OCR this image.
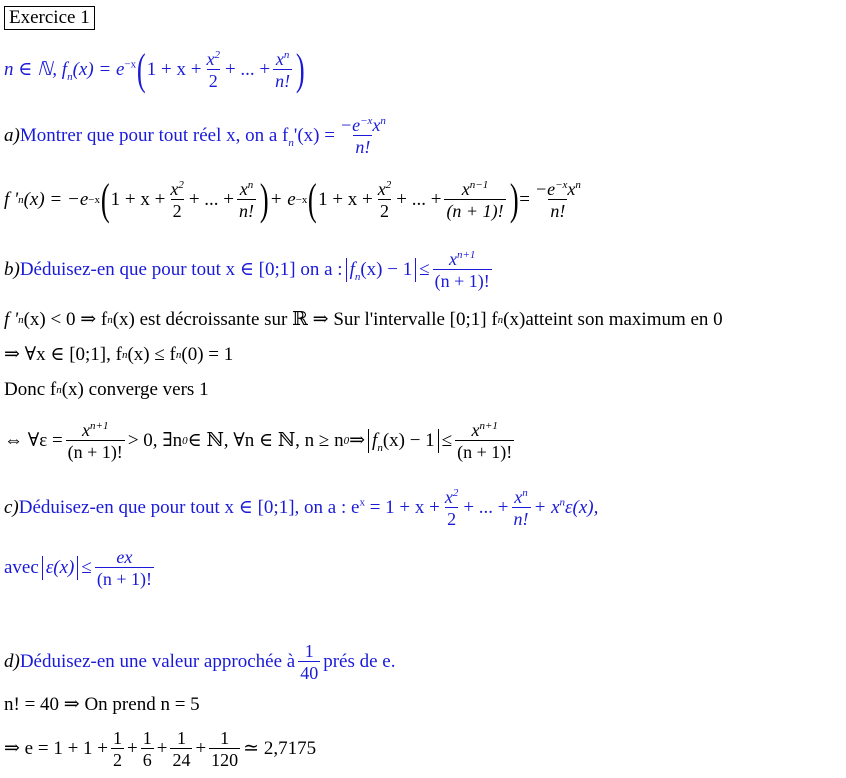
Exercice 1
n ∈ ℕ, $f_n(x) = e^{-x}$ ( $1 + x + \frac{x^2}{2}$ + ... + $\frac{x^n}{n!}$ )
a) Montrer que pour tout réel x, on a $f_n'(x)$ =
$-e^{-x}x^n$
n!
f ' n (x) = −e −x ( $1 + x + \frac{x^2}{2}$ + ... + $\frac{x^n}{n!}$ ) + e −x ( $1 + x + \frac{x^2}{2}$ + ... + $\frac{x^{n-1}}{(n + 1)!}$ ) =
$-e^{-x}x^n$
n!
b) Déduisez-en que pour tout x ∈ [0;1] on a : $f_n(x) - 1 \le \frac{x^{n+1}}{(n + 1)!}$
f ' n (x) < 0 ⇒ f n (x) est décroissante sur ℝ ⇒ Sur l'intervalle [0;1] f n (x)atteint son maximum en 0
⇒ ∀x ∈ [0;1], f n (x) ≤ f n (0) = 1
Donc f n (x) converge vers 1
⇔ ∀ε = $\frac{x^{n+1}}{(n + 1)!} > 0$, ∃n 0 ∈ ℕ, ∀n ∈ ℕ, n ≥ n 0 ⇒ $f_n(x) - 1 \le \frac{x^{n+1}}{(n + 1)!}$
c) Déduisez-en que pour tout x ∈ [0;1], on a : $e^x = 1 + x + \frac{x^2}{2}$ + ... + $\frac{x^n}{n!} + x^n\varepsilon(x)$,
avec $\varepsilon(x) \le \frac{ex}{(n + 1)!}$
d) Déduisez-en une valeur approchée à
1
40
prés de e.
n! = 40 ⇒ On prend n = 5
⇒ $e = 1 + 1 + \frac{1}{2} + \frac{1}{6} + \frac{1}{24} + \frac{1}{120}$ ≃ 2,7175
